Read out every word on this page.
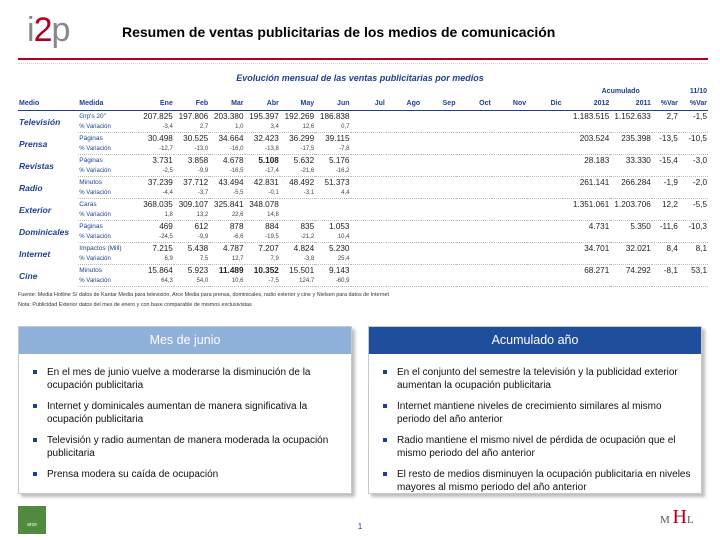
i2p	Resumen de ventas publicitarias de los medios de comunicación
Evolución mensual de las ventas publicitarias por medios
														Acumulado			11/10
Medio	Medida	Ene	Feb	Mar	Abr	May	Jun	Jul	Ago	Sep	Oct	Nov	Dic	2012	2011	%Var	%Var
Televisión	Grp's 20"	207.825	197.806	203.380	195.397	192.269	186.838							1.183.515	1.152.633	2,7	-1,5
	% Variación	-3,4	2,7	1,0	3,4	12,6	0,7										
Prensa	Páginas	30.498	30.525	34.664	32.423	36.299	39.115							203.524	235.398	-13,5	-10,5
	% Variación	-12,7	-13,0	-16,0	-13,8	-17,5	-7,8										
Revistas	Páginas	3.731	3.858	4.678	5.108	5.632	5.176							28.183	33.330	-15,4	-3,0
	% Variación	-2,5	-9,9	-16,5	-17,4	-21,6	-16,2										
Radio	Minutos	37.239	37.712	43.494	42.831	48.492	51.373							261.141	266.284	-1,9	-2,0
	% Variación	-4,4	-3,7	-5,5	-0,1	-3,1	4,4										
Exterior	Caras	368.035	309.107	325.841	348.078									1.351.061	1.203.706	12,2	-5,5
	% Variación	1,8	13,2	22,6	14,8												
Dominicales	Páginas	469	612	878	884	835	1.053							4.731	5.350	-11,6	-10,3
	% Variación	-24,5	-9,9	-6,6	-19,5	-21,2	10,4										
Internet	Impactos (Mill)	7.215	5.438	4.787	7.207	4.824	5.230							34.701	32.021	8,4	8,1
	% Variación	6,9	7,5	12,7	7,9	-3,8	25,4										
Cine	Minutos	15.864	5.923	11.489	10.352	15.501	9.143							68.271	74.292	-8,1	53,1
	% Variación	64,3	54,0	10,6	-7,5	124,7	-60,9										
Fuente: Media Hotline S/ datos de Kantar Media para televisión, Arce Media para prensa, dominicales, radio exterior y cine y Nielsen para datos de Internet
Nota: Publicidad Exterior datos del mes de enero y con base comparable de mismos exclusivistas
Mes de junio
En el mes de junio vuelve a moderarse la disminución de la ocupación publicitaria
Internet y dominicales aumentan de manera significativa la ocupación publicitaria
Televisión y radio aumentan de manera moderada la ocupación publicitaria
Prensa modera su caída de ocupación
Acumulado año
En el conjunto del semestre la televisión y la publicidad exterior aumentan la ocupación publicitaria
Internet mantiene niveles de crecimiento similares al mismo periodo del año anterior
Radio mantiene el mismo nivel de pérdida de ocupación que el mismo periodo del año anterior
El resto de medios disminuyen la ocupación publicitaria en niveles mayores al mismo periodo del año anterior
arce	1
M HL
